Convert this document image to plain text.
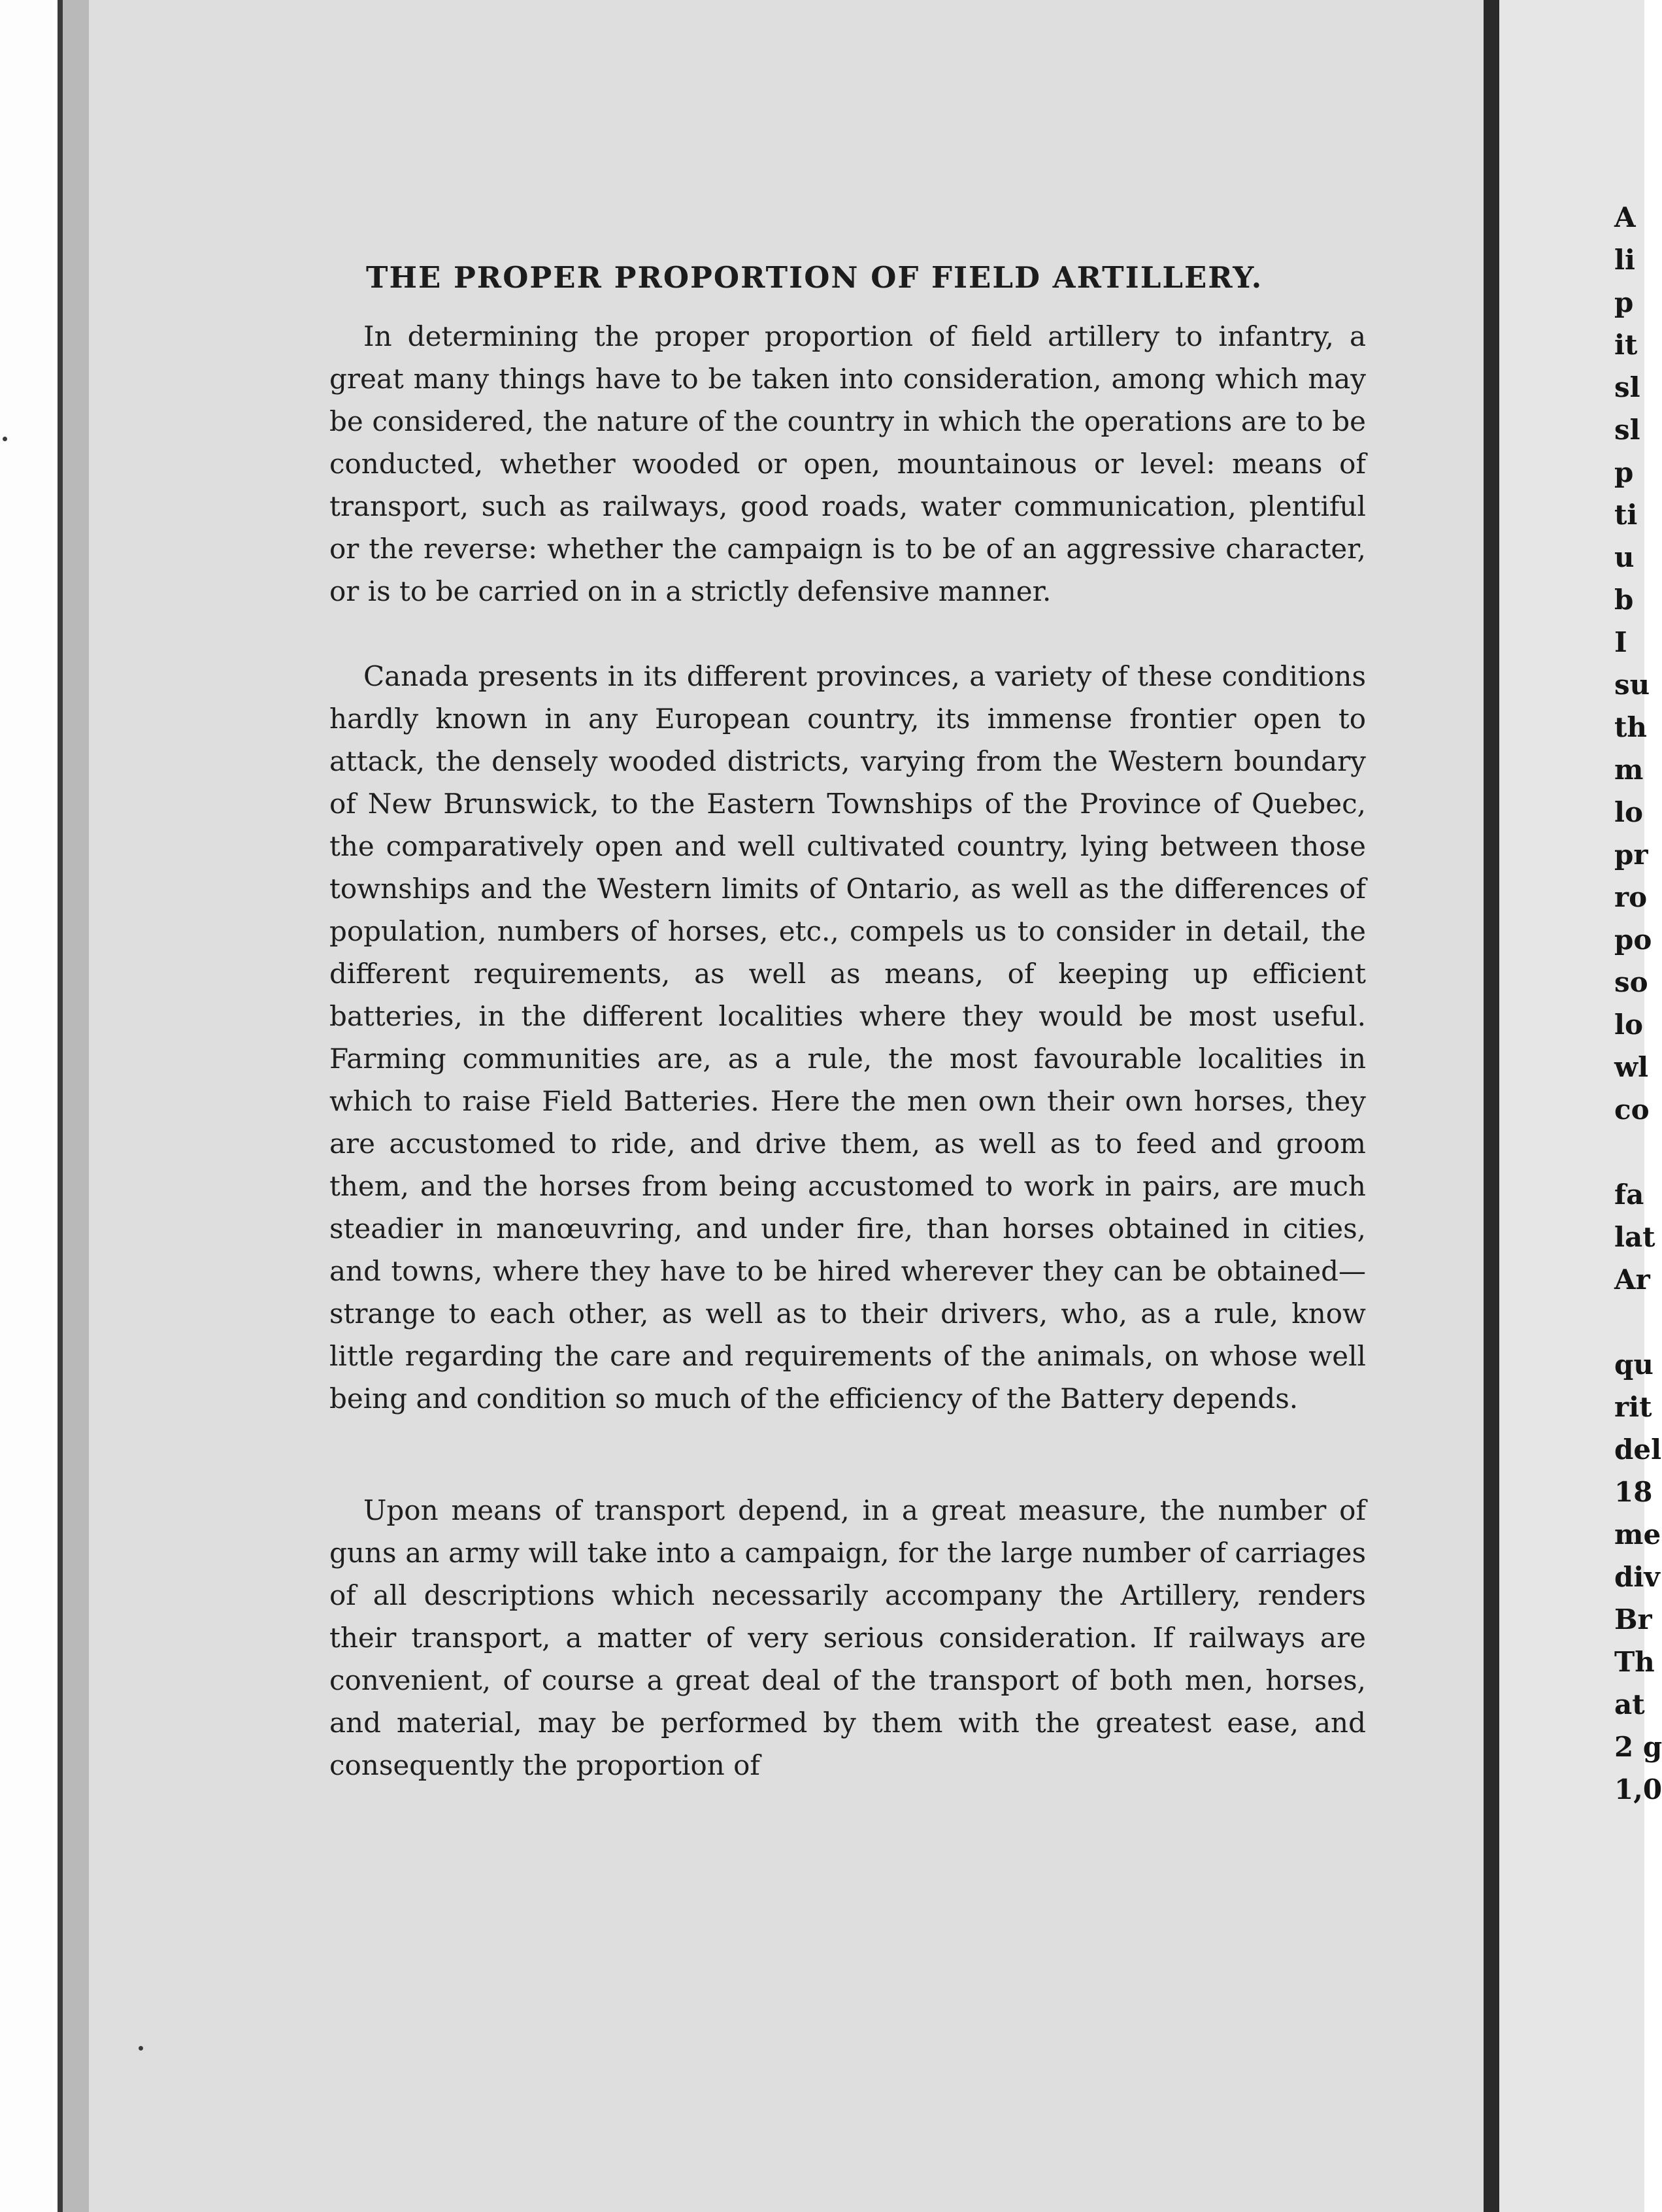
THE PROPER PROPORTION OF FIELD ARTILLERY.

In determining the proper proportion of field artillery to infantry, a great many things have to be taken into consideration, among which may be considered, the nature of the country in which the operations are to be conducted, whether wooded or open, mountainous or level: means of transport, such as railways, good roads, water communication, plentiful or the reverse: whether the campaign is to be of an aggressive character, or is to be carried on in a strictly defensive manner.

Canada presents in its different provinces, a variety of these conditions hardly known in any European country, its immense frontier open to attack, the densely wooded districts, varying from the Western boundary of New Brunswick, to the Eastern Townships of the Province of Quebec, the comparatively open and well cultivated country, lying between those townships and the Western limits of Ontario, as well as the differences of population, numbers of horses, etc., compels us to consider in detail, the different requirements, as well as means, of keeping up efficient batteries, in the different localities where they would be most useful. Farming communities are, as a rule, the most favourable localities in which to raise Field Batteries. Here the men own their own horses, they are accustomed to ride, and drive them, as well as to feed and groom them, and the horses from being accustomed to work in pairs, are much steadier in manœuvring, and under fire, than horses obtained in cities, and towns, where they have to be hired wherever they can be obtained—strange to each other, as well as to their drivers, who, as a rule, know little regarding the care and requirements of the animals, on whose well being and condition so much of the efficiency of the Battery depends.

Upon means of transport depend, in a great measure, the number of guns an army will take into a campaign, for the large number of carriages of all descriptions which necessarily accompany the Artillery, renders their transport, a matter of very serious consideration. If railways are convenient, of course a great deal of the transport of both men, horses, and material, may be performed by them with the greatest ease, and consequently the proportion of

A
li
p
it
sl
sl
p
ti
u
b
I
su
th
m
lo
pr
ro
po
so
lo
wl
co

fa
lat
Ar

qu
rit
del
18
me
div
Br
Th
at
2 g
1,0
